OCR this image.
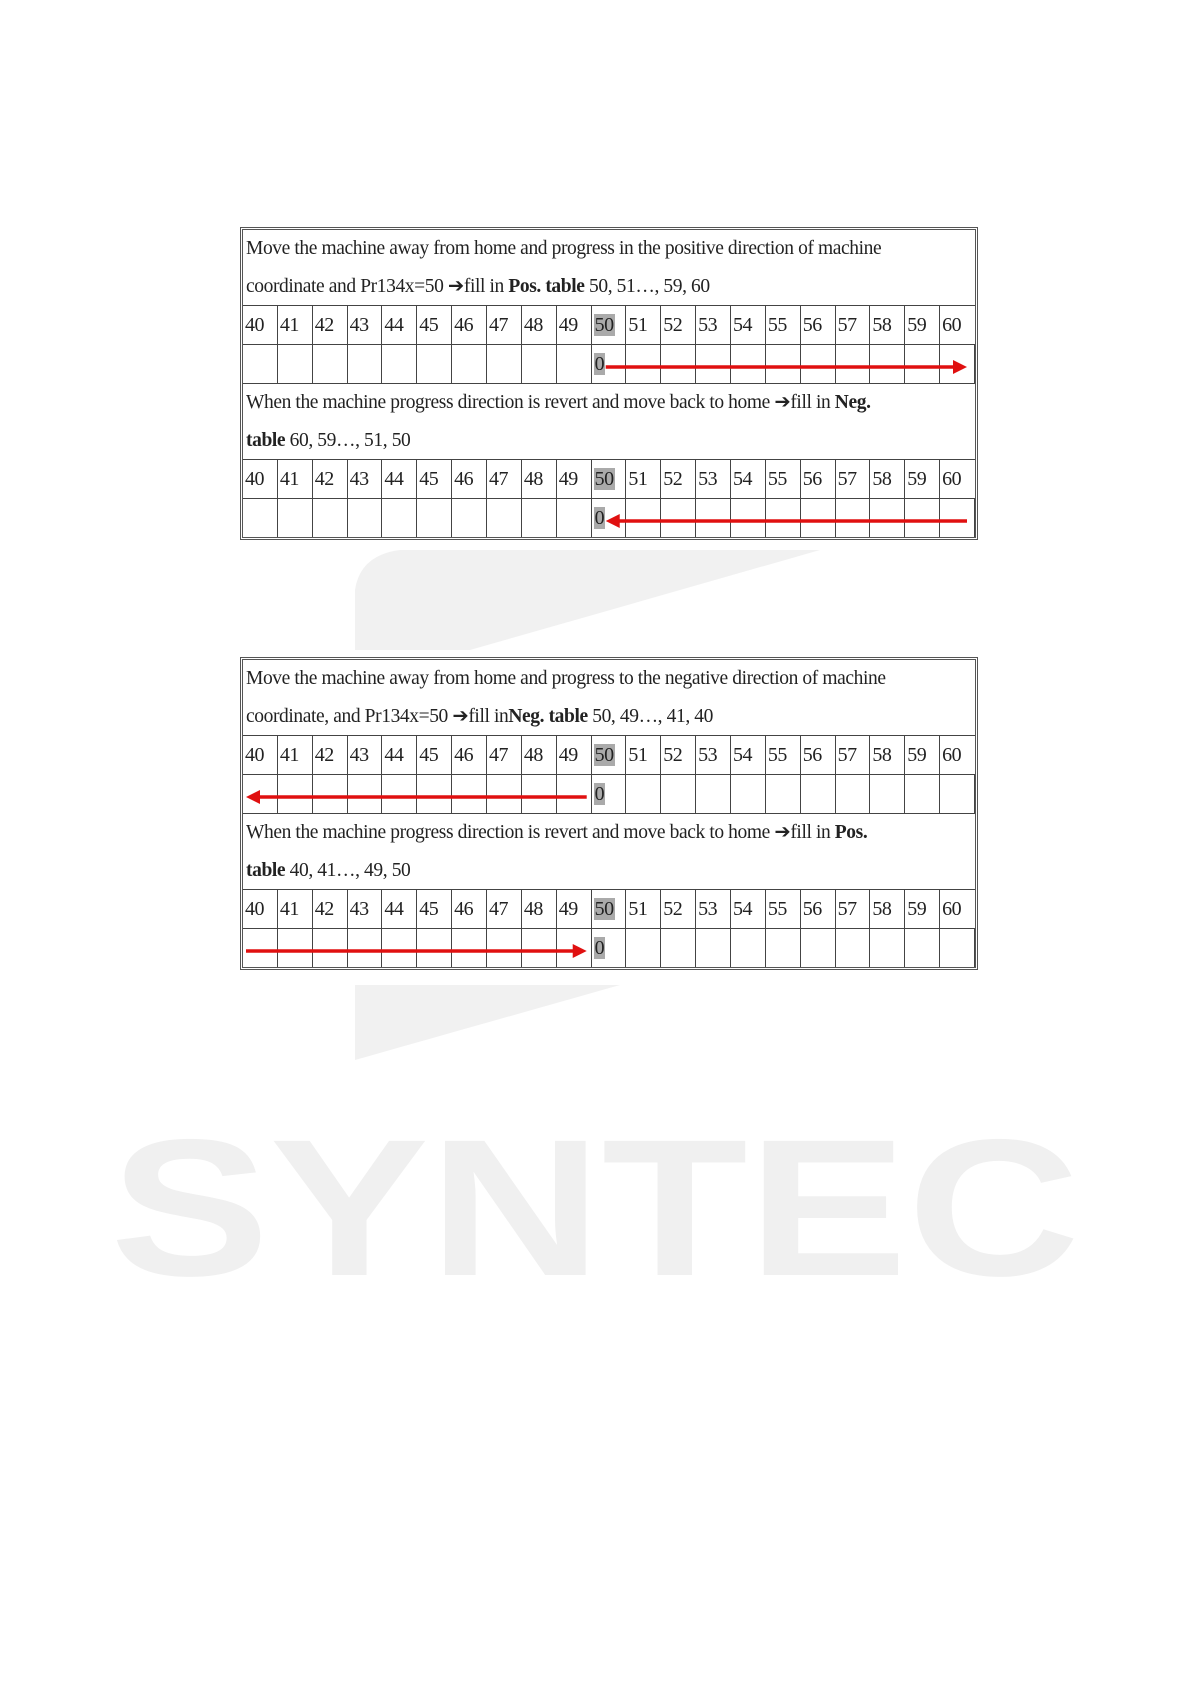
SYNTEC
Move the machine away from home and progress in the positive direction of machine
coordinate and Pr134x=50 ➔fill in Pos. table 50, 51…, 59, 60
40 41 42 43 44 45 46 47 48 49 50 51 52 53 54 55 56 57 58 59 60
0
When the machine progress direction is revert and move back to home ➔fill in Neg.
table 60, 59…, 51, 50
40 41 42 43 44 45 46 47 48 49 50 51 52 53 54 55 56 57 58 59 60
0
Move the machine away from home and progress to the negative direction of machine
coordinate, and Pr134x=50 ➔fill inNeg. table 50, 49…, 41, 40
40 41 42 43 44 45 46 47 48 49 50 51 52 53 54 55 56 57 58 59 60
0
When the machine progress direction is revert and move back to home ➔fill in Pos.
table 40, 41…, 49, 50
40 41 42 43 44 45 46 47 48 49 50 51 52 53 54 55 56 57 58 59 60
0
